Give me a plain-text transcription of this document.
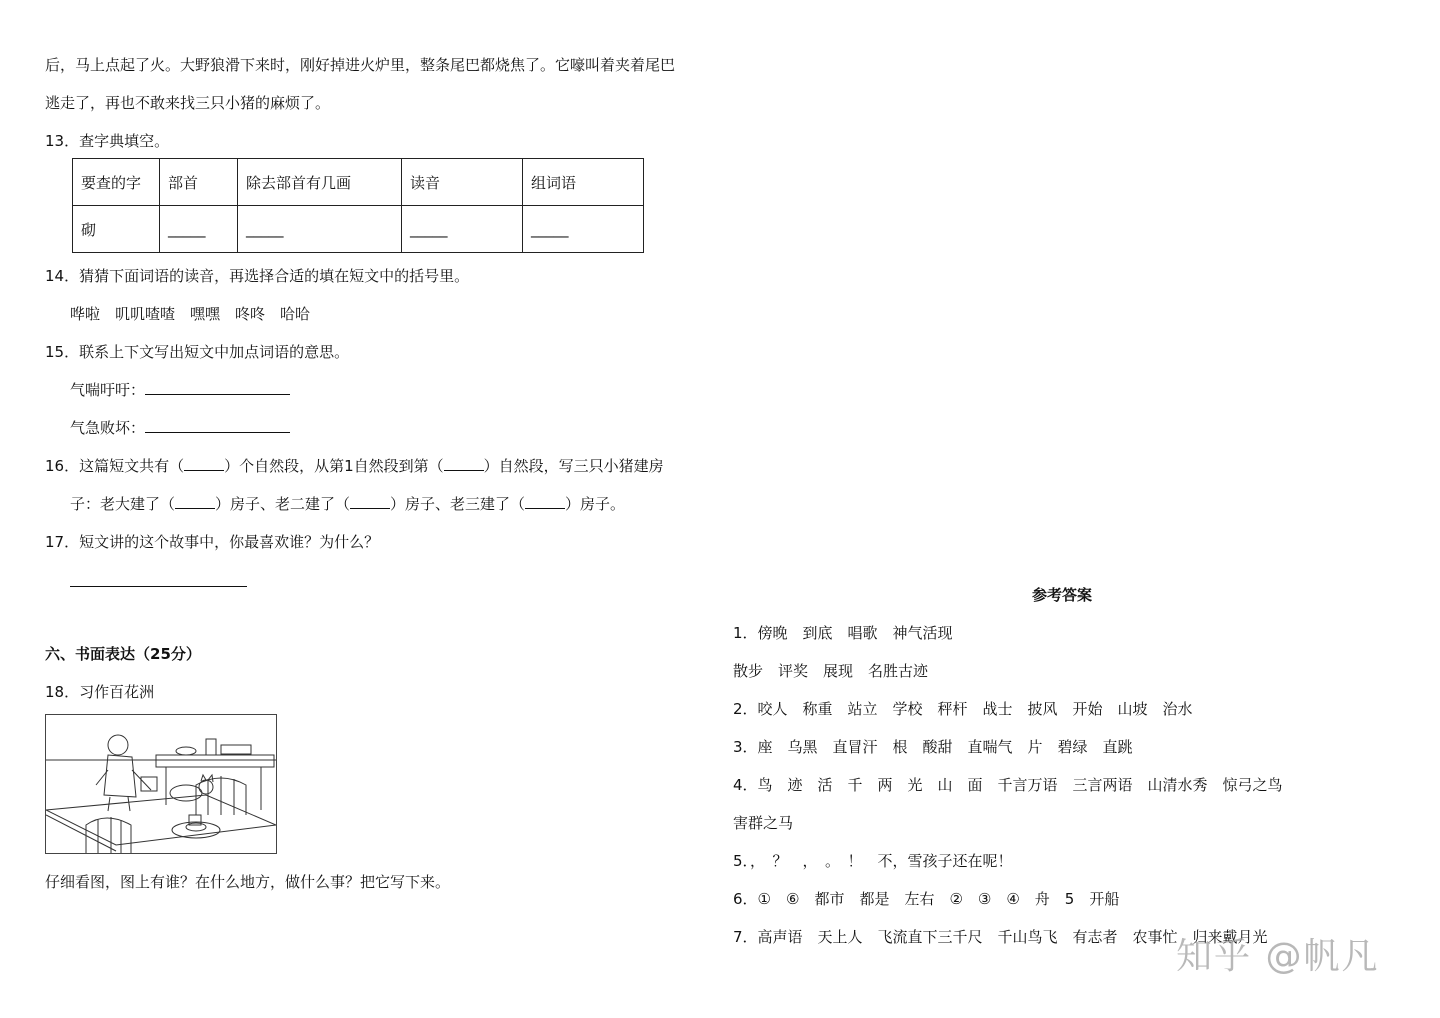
后，马上点起了火。大野狼滑下来时，刚好掉进火炉里，整条尾巴都烧焦了。它嚎叫着夹着尾巴
逃走了，再也不敢来找三只小猪的麻烦了。
13．查字典填空。
要查的字	部首	除去部首有几画	读音	组词语
砌	_____	_____	_____	_____
14．猜猜下面词语的读音，再选择合适的填在短文中的括号里。
哗啦　叽叽喳喳　嘿嘿　咚咚　哈哈
15．联系上下文写出短文中加点词语的意思。
气喘吁吁：
气急败坏：
16．这篇短文共有（	）个自然段，从第1自然段到第（	）自然段，写三只小猪建房
子：老大建了（	）房子、老二建了（	）房子、老三建了（	）房子。
17．短文讲的这个故事中，你最喜欢谁？为什么？
六、书面表达（25分）
18．习作百花洲
仔细看图，图上有谁？在什么地方，做什么事？把它写下来。
参考答案
1．傍晚　到底　唱歌　神气活现
散步　评奖　展现　名胜古迹
2．咬人　称重　站立　学校　秤杆　战士　披风　开始　山坡　治水
3．座　乌黑　直冒汗　根　酸甜　直喘气　片　碧绿　直跳
4．鸟　迹　活　千　两　光　山　面　千言万语　三言两语　山清水秀　惊弓之鸟
害群之马
5．，　？　，　。　！　不，雪孩子还在呢！
6．①　⑥　都市　都是　左右　②　③　④　舟　5　开船
7．高声语　天上人　飞流直下三千尺　千山鸟飞　有志者　农事忙　归来戴月光
知乎 @帆凡
